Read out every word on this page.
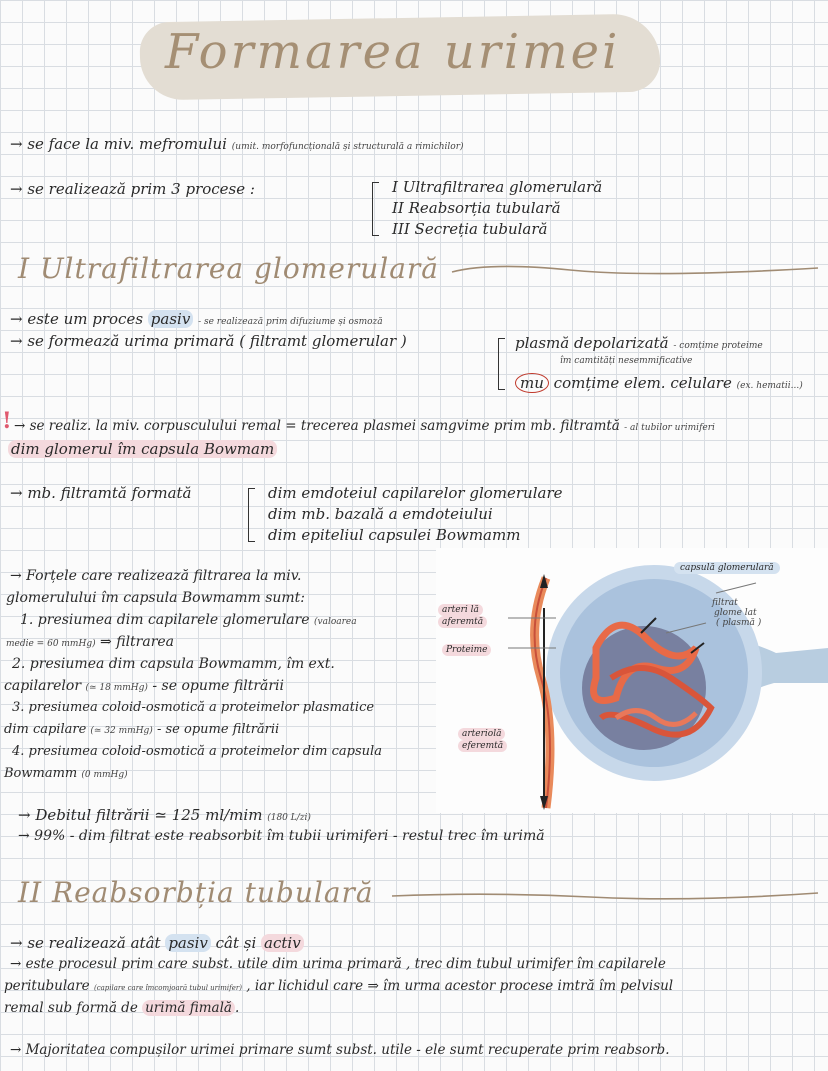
Formarea urimei
→ se face la miv. mefromului (umit. morfofuncțională și structurală a rimichilor)
→ se realizează prim 3 procese :	I Ultrafiltrarea glomerulară
II Reabsorția tubulară
III Secreția tubulară
I Ultrafiltrarea glomerulară
→ este um proces pasiv - se realizează prim difuziume și osmoză
→ se formează urima primară ( filtramt glomerular )	plasmă depolarizată - comțime proteime
îm camtități nesemmificative
mu comțime elem. celulare (ex. hematii...)
! → se realiz. la miv. corpusculului remal = trecerea plasmei samgvime prim mb. filtramtă - al tubilor urimiferi
dim glomerul îm capsula Bowmam
→ mb. filtramtă formată	dim emdoteiul capilarelor glomerulare
dim mb. bazală a emdoteiului
dim epiteliul capsulei Bowmamm
→ Forțele care realizează filtrarea la miv.
glomerulului îm capsula Bowmamm sumt:
1. presiumea dim capilarele glomerulare (valoarea
medie = 60 mmHg) ⇒ filtrarea
2. presiumea dim capsula Bowmamm, îm ext.
capilarelor (≃ 18 mmHg) - se opume filtrării
3. presiumea coloid-osmotică a proteimelor plasmatice
dim capilare (≃ 32 mmHg) - se opume filtrării
4. presiumea coloid-osmotică a proteimelor dim capsula
Bowmamm (0 mmHg)
→ Debitul filtrării ≃ 125 ml/mim (180 L/zi)
→ 99% - dim filtrat este reabsorbit îm tubii urimiferi - restul trec îm urimă
capsulă glomerulară
filtrat
glome lat
( plasmă )
arteri lă
aferemtă
Proteime
arteriolă
eferemtă
II Reabsorbția tubulară
→ se realizează atât pasiv cât și activ
→ este procesul prim care subst. utile dim urima primară , trec dim tubul urimifer îm capilarele
peritubulare (capilare care îmcomjoară tubul urimifer) , iar lichidul care ⇒ îm urma acestor procese imtră îm pelvisul
remal sub formă de urimă fimală .
→ Majoritatea compușilor urimei primare sumt subst. utile - ele sumt recuperate prim reabsorb.
